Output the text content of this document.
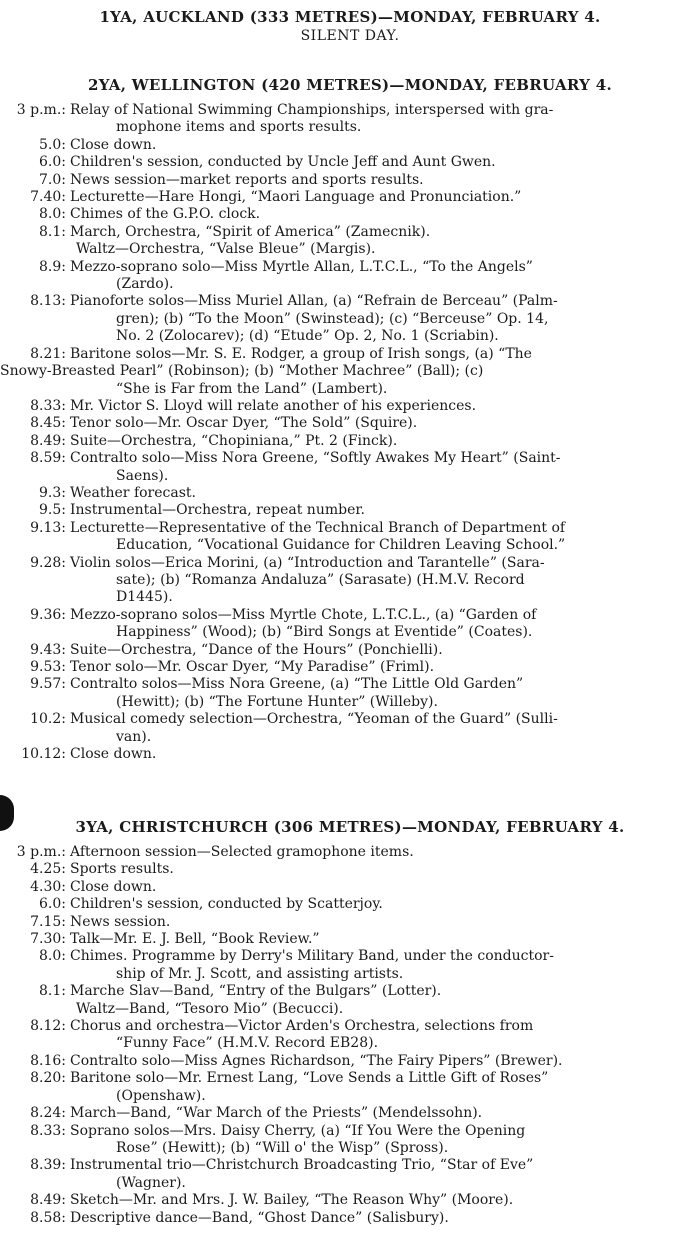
1YA, AUCKLAND (333 METRES)—MONDAY, FEBRUARY 4.
SILENT DAY.
2YA, WELLINGTON (420 METRES)—MONDAY, FEBRUARY 4.
3 p.m.: Relay of National Swimming Championships, interspersed with gra-
mophone items and sports results.
5.0: Close down.
6.0: Children's session, conducted by Uncle Jeff and Aunt Gwen.
7.0: News session—market reports and sports results.
7.40: Lecturette—Hare Hongi, “Maori Language and Pronunciation.”
8.0: Chimes of the G.P.O. clock.
8.1: March, Orchestra, “Spirit of America” (Zamecnik).
Waltz—Orchestra, “Valse Bleue” (Margis).
8.9: Mezzo-soprano solo—Miss Myrtle Allan, L.T.C.L., “To the Angels”
(Zardo).
8.13: Pianoforte solos—Miss Muriel Allan, (a) “Refrain de Berceau” (Palm-
gren); (b) “To the Moon” (Swinstead); (c) “Berceuse” Op. 14,
No. 2 (Zolocarev); (d) “Etude” Op. 2, No. 1 (Scriabin).
8.21: Baritone solos—Mr. S. E. Rodger, a group of Irish songs, (a) “The
Snowy-Breasted Pearl” (Robinson); (b) “Mother Machree” (Ball); (c)
“She is Far from the Land” (Lambert).
8.33: Mr. Victor S. Lloyd will relate another of his experiences.
8.45: Tenor solo—Mr. Oscar Dyer, “The Sold” (Squire).
8.49: Suite—Orchestra, “Chopiniana,” Pt. 2 (Finck).
8.59: Contralto solo—Miss Nora Greene, “Softly Awakes My Heart” (Saint-
Saens).
9.3: Weather forecast.
9.5: Instrumental—Orchestra, repeat number.
9.13: Lecturette—Representative of the Technical Branch of Department of
Education, “Vocational Guidance for Children Leaving School.”
9.28: Violin solos—Erica Morini, (a) “Introduction and Tarantelle” (Sara-
sate); (b) “Romanza Andaluza” (Sarasate) (H.M.V. Record
D1445).
9.36: Mezzo-soprano solos—Miss Myrtle Chote, L.T.C.L., (a) “Garden of
Happiness” (Wood); (b) “Bird Songs at Eventide” (Coates).
9.43: Suite—Orchestra, “Dance of the Hours” (Ponchielli).
9.53: Tenor solo—Mr. Oscar Dyer, “My Paradise” (Friml).
9.57: Contralto solos—Miss Nora Greene, (a) “The Little Old Garden”
(Hewitt); (b) “The Fortune Hunter” (Willeby).
10.2: Musical comedy selection—Orchestra, “Yeoman of the Guard” (Sulli-
van).
10.12: Close down.
3YA, CHRISTCHURCH (306 METRES)—MONDAY, FEBRUARY 4.
3 p.m.: Afternoon session—Selected gramophone items.
4.25: Sports results.
4.30: Close down.
6.0: Children's session, conducted by Scatterjoy.
7.15: News session.
7.30: Talk—Mr. E. J. Bell, “Book Review.”
8.0: Chimes. Programme by Derry's Military Band, under the conductor-
ship of Mr. J. Scott, and assisting artists.
8.1: Marche Slav—Band, “Entry of the Bulgars” (Lotter).
Waltz—Band, “Tesoro Mio” (Becucci).
8.12: Chorus and orchestra—Victor Arden's Orchestra, selections from
“Funny Face” (H.M.V. Record EB28).
8.16: Contralto solo—Miss Agnes Richardson, “The Fairy Pipers” (Brewer).
8.20: Baritone solo—Mr. Ernest Lang, “Love Sends a Little Gift of Roses”
(Openshaw).
8.24: March—Band, “War March of the Priests” (Mendelssohn).
8.33: Soprano solos—Mrs. Daisy Cherry, (a) “If You Were the Opening
Rose” (Hewitt); (b) “Will o' the Wisp” (Spross).
8.39: Instrumental trio—Christchurch Broadcasting Trio, “Star of Eve”
(Wagner).
8.49: Sketch—Mr. and Mrs. J. W. Bailey, “The Reason Why” (Moore).
8.58: Descriptive dance—Band, “Ghost Dance” (Salisbury).
